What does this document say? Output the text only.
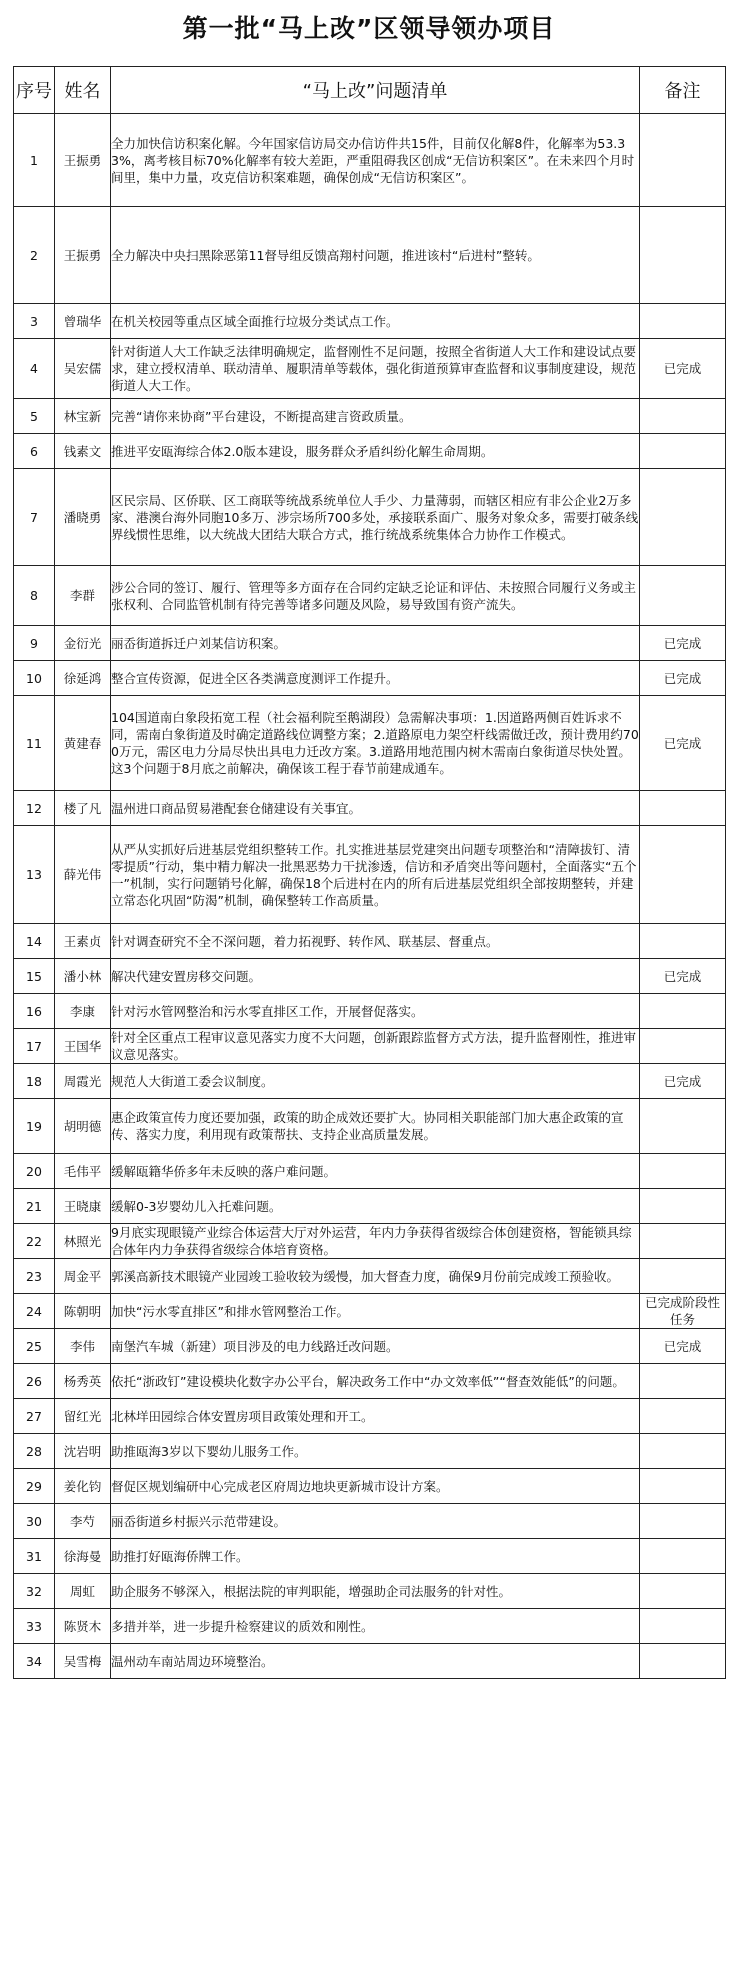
第一批“马上改”区领导领办项目
序号	姓名	“马上改”问题清单	备注
1	王振勇	全力加快信访积案化解。今年国家信访局交办信访件共15件，目前仅化解8件，化解率为53.33%，离考核目标70%化解率有较大差距，严重阻碍我区创成“无信访积案区”。在未来四个月时间里，集中力量，攻克信访积案难题，确保创成“无信访积案区”。	
2	王振勇	全力解决中央扫黑除恶第11督导组反馈高翔村问题，推进该村“后进村”整转。	
3	曾瑞华	在机关校园等重点区域全面推行垃圾分类试点工作。	
4	吴宏儒	针对街道人大工作缺乏法律明确规定，监督刚性不足问题，按照全省街道人大工作和建设试点要求，建立授权清单、联动清单、履职清单等载体，强化街道预算审查监督和议事制度建设，规范街道人大工作。	已完成
5	林宝新	完善“请你来协商”平台建设，不断提高建言资政质量。	
6	钱素文	推进平安瓯海综合体2.0版本建设，服务群众矛盾纠纷化解生命周期。	
7	潘晓勇	区民宗局、区侨联、区工商联等统战系统单位人手少、力量薄弱，而辖区相应有非公企业2万多家、港澳台海外同胞10多万、涉宗场所700多处，承接联系面广、服务对象众多，需要打破条线界线惯性思维，以大统战大团结大联合方式，推行统战系统集体合力协作工作模式。	
8	李群	涉公合同的签订、履行、管理等多方面存在合同约定缺乏论证和评估、未按照合同履行义务或主张权利、合同监管机制有待完善等诸多问题及风险，易导致国有资产流失。	
9	金衍光	丽岙街道拆迁户刘某信访积案。	已完成
10	徐延鸿	整合宣传资源，促进全区各类满意度测评工作提升。	已完成
11	黄建春	104国道南白象段拓宽工程（社会福利院至鹅湖段）急需解决事项：1.因道路两侧百姓诉求不同，需南白象街道及时确定道路线位调整方案；2.道路原电力架空杆线需做迁改，预计费用约700万元，需区电力分局尽快出具电力迁改方案。3.道路用地范围内树木需南白象街道尽快处置。这3个问题于8月底之前解决，确保该工程于春节前建成通车。	已完成
12	楼了凡	温州进口商品贸易港配套仓储建设有关事宜。	
13	薛光伟	从严从实抓好后进基层党组织整转工作。扎实推进基层党建突出问题专项整治和“清障拔钉、清零提质”行动，集中精力解决一批黑恶势力干扰渗透，信访和矛盾突出等问题村，全面落实“五个一”机制，实行问题销号化解，确保18个后进村在内的所有后进基层党组织全部按期整转，并建立常态化巩固“防渴”机制，确保整转工作高质量。	
14	王素贞	针对调查研究不全不深问题，着力拓视野、转作风、联基层、督重点。	
15	潘小林	解决代建安置房移交问题。	已完成
16	李康	针对污水管网整治和污水零直排区工作，开展督促落实。	
17	王国华	针对全区重点工程审议意见落实力度不大问题，创新跟踪监督方式方法，提升监督刚性，推进审议意见落实。	
18	周霞光	规范人大街道工委会议制度。	已完成
19	胡明德	惠企政策宣传力度还要加强，政策的助企成效还要扩大。协同相关职能部门加大惠企政策的宣传、落实力度，利用现有政策帮扶、支持企业高质量发展。	
20	毛伟平	缓解瓯籍华侨多年未反映的落户难问题。	
21	王晓康	缓解0-3岁婴幼儿入托难问题。	
22	林照光	9月底实现眼镜产业综合体运营大厅对外运营，年内力争获得省级综合体创建资格，智能锁具综合体年内力争获得省级综合体培育资格。	
23	周金平	郭溪高新技术眼镜产业园竣工验收较为缓慢，加大督查力度，确保9月份前完成竣工预验收。	
24	陈朝明	加快“污水零直排区”和排水管网整治工作。	已完成阶段性任务
25	李伟	南堡汽车城（新建）项目涉及的电力线路迁改问题。	已完成
26	杨秀英	依托“浙政钉”建设模块化数字办公平台，解决政务工作中“办文效率低”“督查效能低”的问题。	
27	留红光	北林垟田园综合体安置房项目政策处理和开工。	
28	沈岩明	助推瓯海3岁以下婴幼儿服务工作。	
29	姜化钧	督促区规划编研中心完成老区府周边地块更新城市设计方案。	
30	李芍	丽岙街道乡村振兴示范带建设。	
31	徐海曼	助推打好瓯海侨牌工作。	
32	周虹	助企服务不够深入，根据法院的审判职能，增强助企司法服务的针对性。	
33	陈贤木	多措并举，进一步提升检察建议的质效和刚性。	
34	吴雪梅	温州动车南站周边环境整治。	
